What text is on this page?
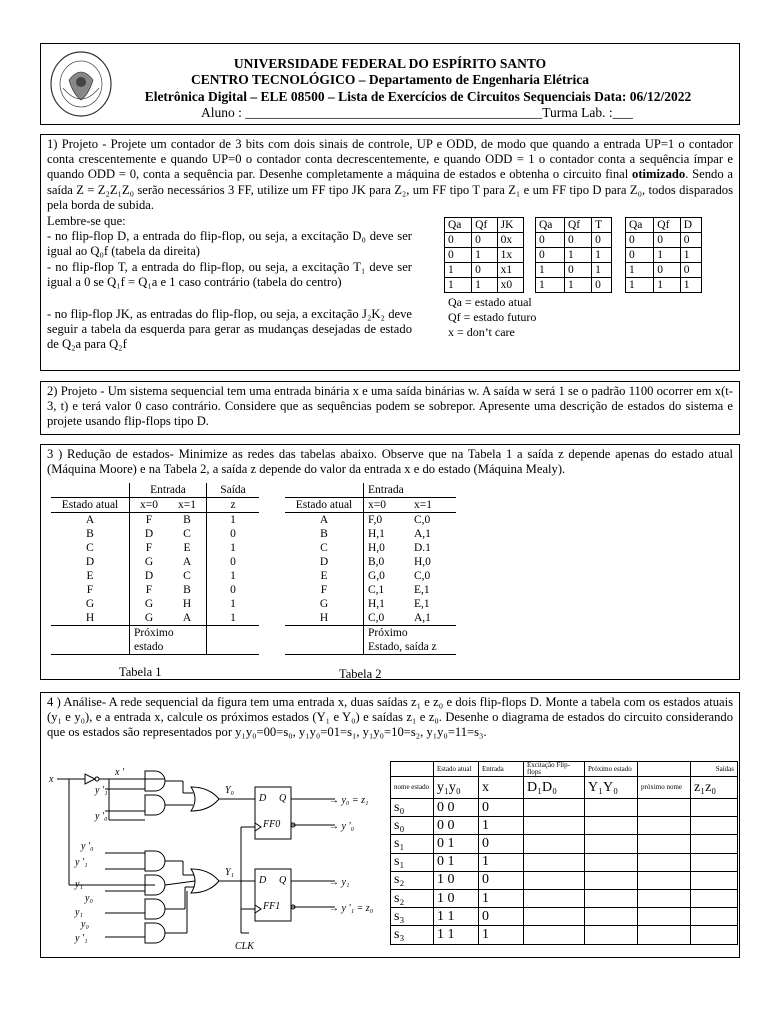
UNIVERSIDADE FEDERAL DO ESPÍRITO SANTO
CENTRO TECNOLÓGICO – Departamento de Engenharia Elétrica
Eletrônica Digital – ELE 08500 – Lista de Exercícios de Circuitos Sequenciais Data: 06/12/2022
Aluno : ____________________________________________Turma Lab. :___

1) Projeto - Projete um contador de 3 bits com dois sinais de controle, UP e ODD, de modo que quando a entrada UP=1 o contador conta crescentemente e quando UP=0 o contador conta decrescentemente, e quando ODD = 1 o contador conta a sequência ímpar e quando ODD = 0, conta a sequência par. Desenhe completamente a máquina de estados e obtenha o circuito final otimizado. Sendo a saída Z = Z₂Z₁Z₀ serão necessários 3 FF, utilize um FF tipo JK para Z₂, um FF tipo T para Z₁ e um FF tipo D para Z₀, todos disparados pela borda de subida.

Lembre-se que:

- no flip-flop D, a entrada do flip-flop, ou seja, a excitação D₀ deve ser igual ao Q₀f (tabela da direita)

- no flip-flop T, a entrada do flip-flop, ou seja, a excitação T₁ deve ser igual a 0 se Q₁f = Q₁a e 1 caso contrário (tabela do centro)

- no flip-flop JK, as entradas do flip-flop, ou seja, a excitação J₂K₂ deve seguir a tabela da esquerda para gerar as mudanças desejadas de estado de Q₂a para Q₂f

Qa	Qf	JK
0	0	0x
0	1	1x
1	0	x1
1	1	x0
Qa	Qf	T
0	0	0
0	1	1
1	0	1
1	1	0
Qa	Qf	D
0	0	0
0	1	1
1	0	0
1	1	1
Qa = estado atual
Qf = estado futuro
x = don’t care

2) Projeto - Um sistema sequencial tem uma entrada binária x e uma saída binárias w. A saída w será 1 se o padrão 1100 ocorrer em x(t-3, t) e terá valor 0 caso contrário. Considere que as sequências podem se sobrepor. Apresente uma descrição de estados do sistema e projete usando flip-flops tipo D.

3 ) Redução de estados- Minimize as redes das tabelas abaixo. Observe que na Tabela 1 a saída z depende apenas do estado atual (Máquina Moore) e na Tabela 2, a saída z depende do valor da entrada x e do estado (Máquina Mealy).

	Entrada		Saída
Estado atual	x=0	x=1	z
A	F	B	1
B	D	C	0
C	F	E	1
D	G	A	0
E	D	C	1
F	F	B	0
G	G	H	1
H	G	A	1
	Próximo		
	estado		
Tabela 1
	Entrada	
Estado atual	x=0	x=1
A	F,0	C,0
B	H,1	A,1
C	H,0	D.1
D	B,0	H,0
E	G,0	C,0
F	C,1	E,1
G	H,1	E,1
H	C,0	A,1
	Próximo	
	Estado, saída z	
Tabela 2

4 ) Análise- A rede sequencial da figura tem uma entrada x, duas saídas z₁ e z₀ e dois flip-flops D. Monte a tabela com os estados atuais (y₁ e y₀), e a entrada x, calcule os próximos estados (Y₁ e Y₀) e saídas z₁ e z₀. Desenhe o diagrama de estados do circuito considerando que os estados são representados por y₁y₀=00=s₀, y₁y₀=01=s₁, y₁y₀=10=s₂, y₁y₀=11=s₃.

x
x '
y '₁
y '₀
y '₀
y '₁
y₁
y₀
y₁
y₀
y '₁
Y₀
Y₁
D Q
FF0
D Q
FF1
→ y₀ = z₁
→ y '₀
→ y₁
→ y '₁ = z₀
CLK
	Estado atual	Entrada	Excitação Flip-flops	Próximo estado		Saídas
nome estado	y₁y₀	x	D₁D₀	Y₁Y₀	próximo nome	z₁z₀
s₀	0 0	0				
s₀	0 0	1				
s₁	0 1	0				
s₁	0 1	1				
s₂	1 0	0				
s₂	1 0	1				
s₃	1 1	0				
s₃	1 1	1				
